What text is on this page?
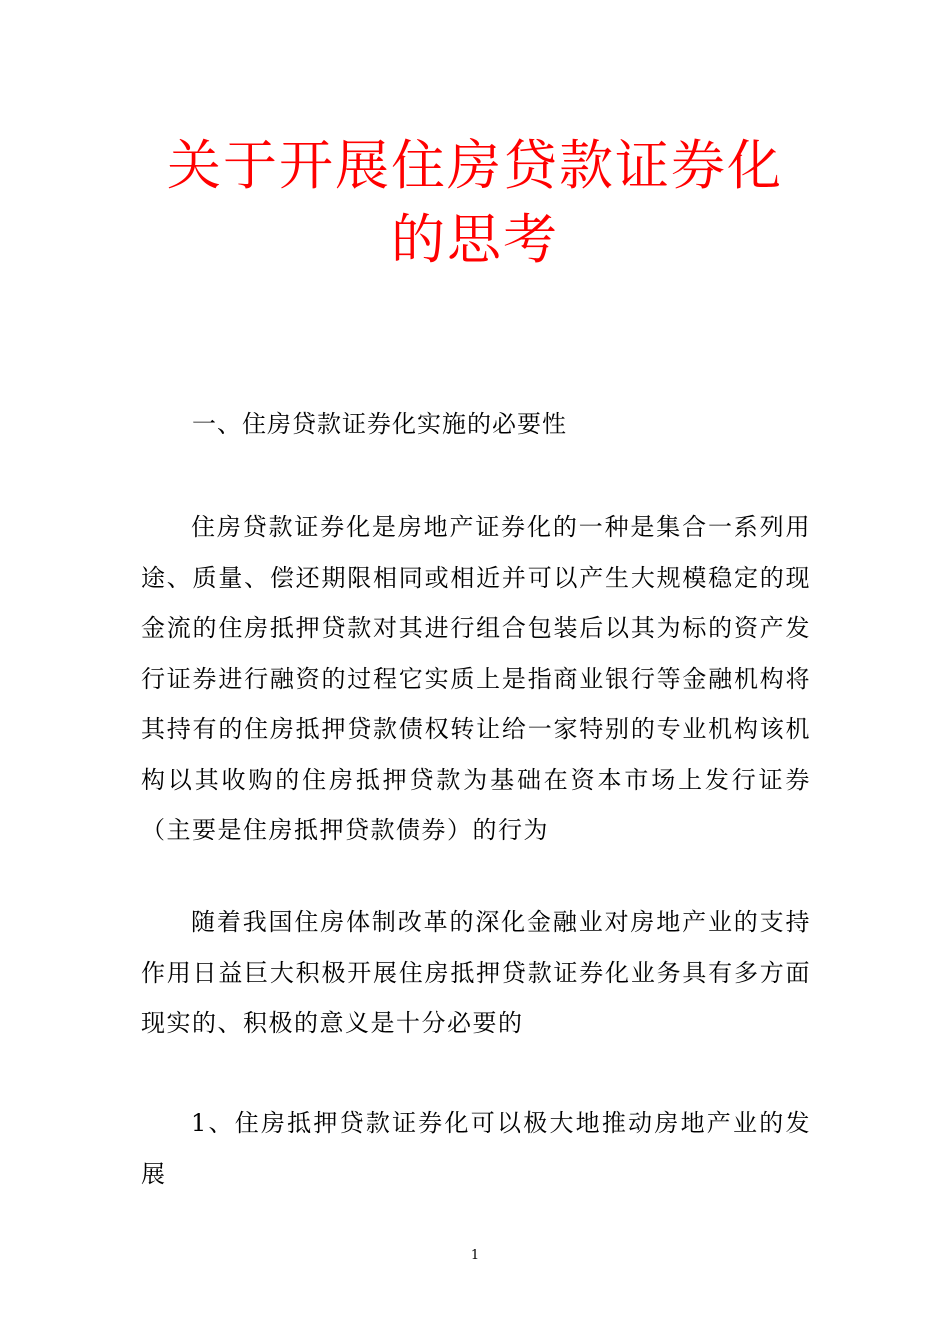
关于开展住房贷款证券化
的思考

一、住房贷款证券化实施的必要性

住房贷款证券化是房地产证券化的一种是集合一系列用途、质量、偿还期限相同或相近并可以产生大规模稳定的现金流的住房抵押贷款对其进行组合包装后以其为标的资产发行证券进行融资的过程它实质上是指商业银行等金融机构将其持有的住房抵押贷款债权转让给一家特别的专业机构该机构以其收购的住房抵押贷款为基础在资本市场上发行证券（主要是住房抵押贷款债券）的行为

随着我国住房体制改革的深化金融业对房地产业的支持作用日益巨大积极开展住房抵押贷款证券化业务具有多方面现实的、积极的意义是十分必要的

1、住房抵押贷款证券化可以极大地推动房地产业的发展

1
